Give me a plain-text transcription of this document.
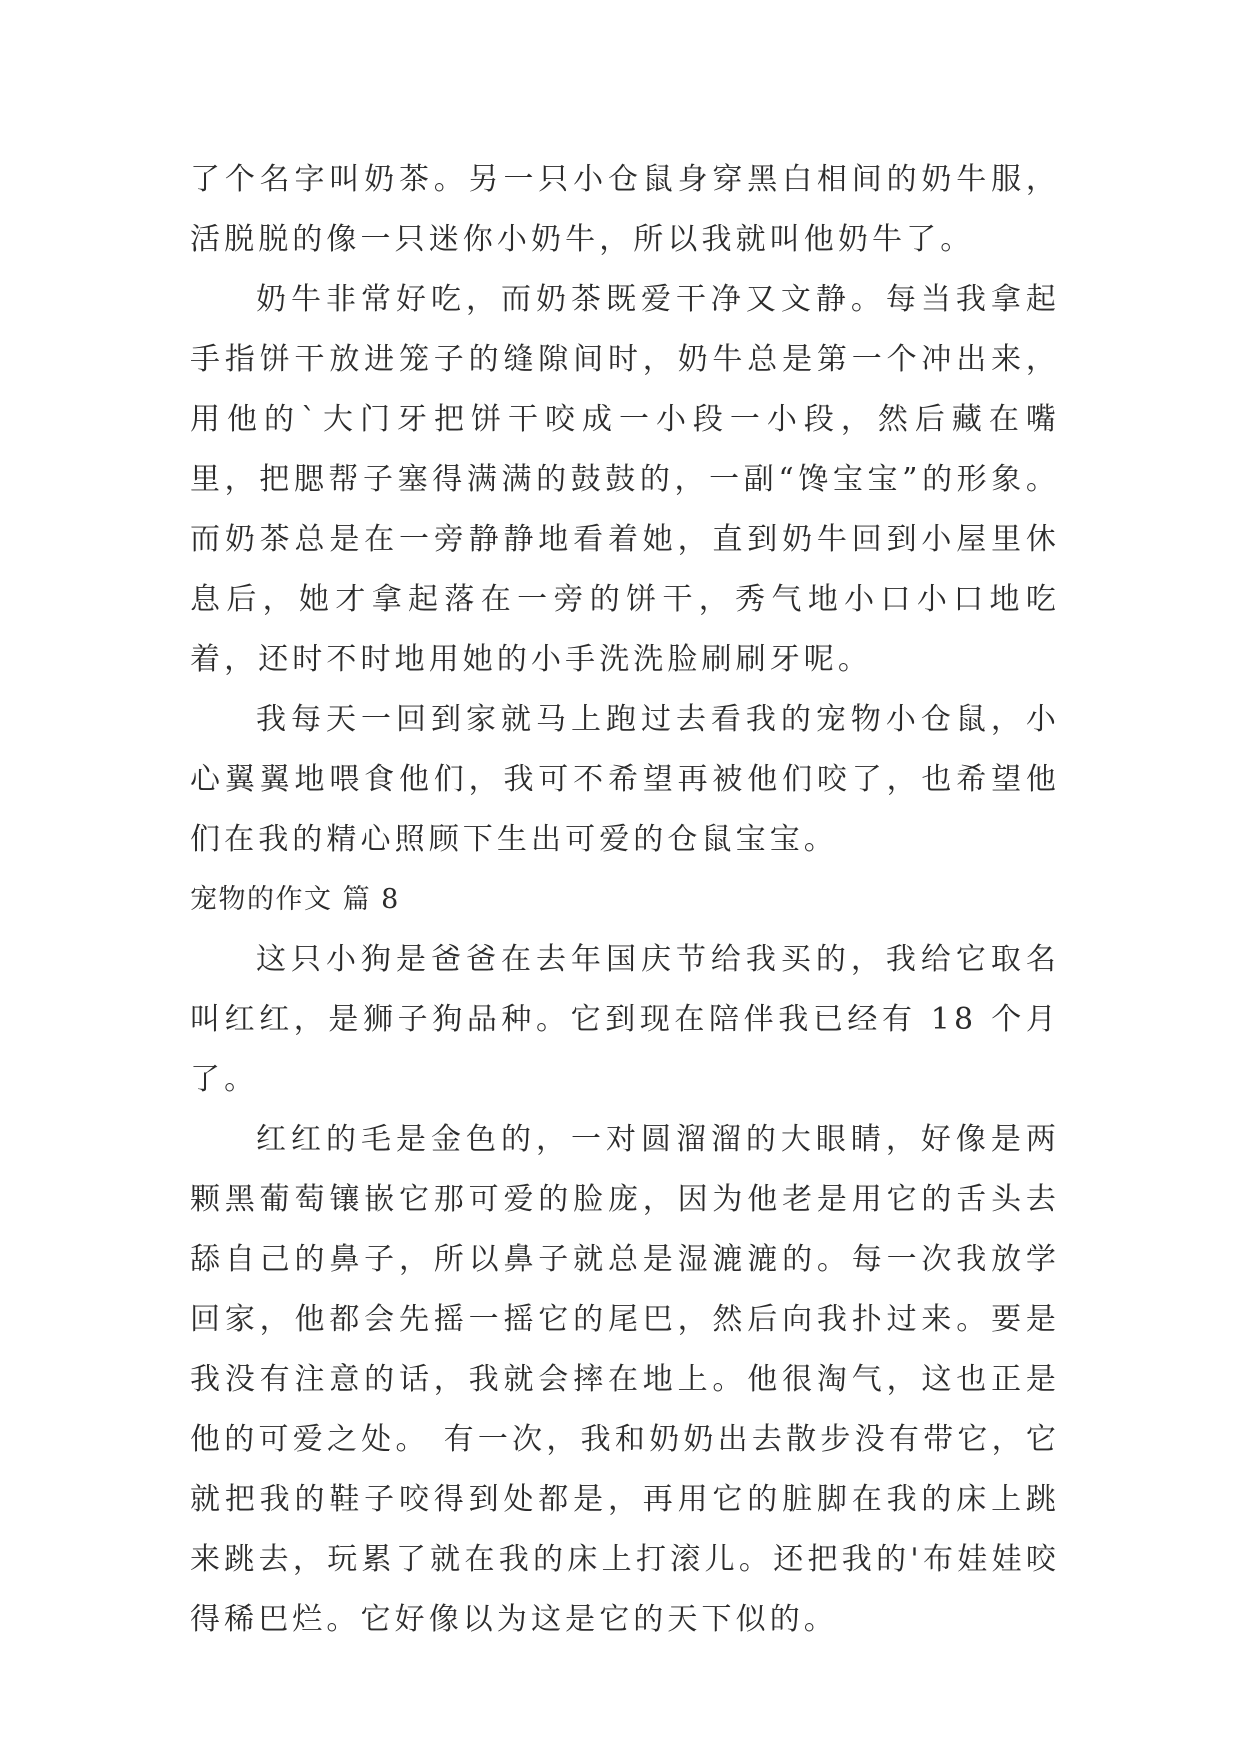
了个名字叫奶茶。另一只小仓鼠身穿黑白相间的奶牛服，活脱脱的像一只迷你小奶牛，所以我就叫他奶牛了。

奶牛非常好吃，而奶茶既爱干净又文静。每当我拿起手指饼干放进笼子的缝隙间时，奶牛总是第一个冲出来，用他的`大门牙把饼干咬成一小段一小段，然后藏在嘴里，把腮帮子塞得满满的鼓鼓的，一副“馋宝宝”的形象。而奶茶总是在一旁静静地看着她，直到奶牛回到小屋里休息后，她才拿起落在一旁的饼干，秀气地小口小口地吃着，还时不时地用她的小手洗洗脸刷刷牙呢。

我每天一回到家就马上跑过去看我的宠物小仓鼠，小心翼翼地喂食他们，我可不希望再被他们咬了，也希望他们在我的精心照顾下生出可爱的仓鼠宝宝。

宠物的作文 篇 8

这只小狗是爸爸在去年国庆节给我买的，我给它取名叫红红，是狮子狗品种。它到现在陪伴我已经有 18 个月了。

红红的毛是金色的，一对圆溜溜的大眼睛，好像是两颗黑葡萄镶嵌它那可爱的脸庞，因为他老是用它的舌头去舔自己的鼻子，所以鼻子就总是湿漉漉的。每一次我放学回家，他都会先摇一摇它的尾巴，然后向我扑过来。要是我没有注意的话，我就会摔在地上。他很淘气，这也正是他的可爱之处。 有一次，我和奶奶出去散步没有带它，它就把我的鞋子咬得到处都是，再用它的脏脚在我的床上跳来跳去，玩累了就在我的床上打滚儿。还把我的'布娃娃咬得稀巴烂。它好像以为这是它的天下似的。
